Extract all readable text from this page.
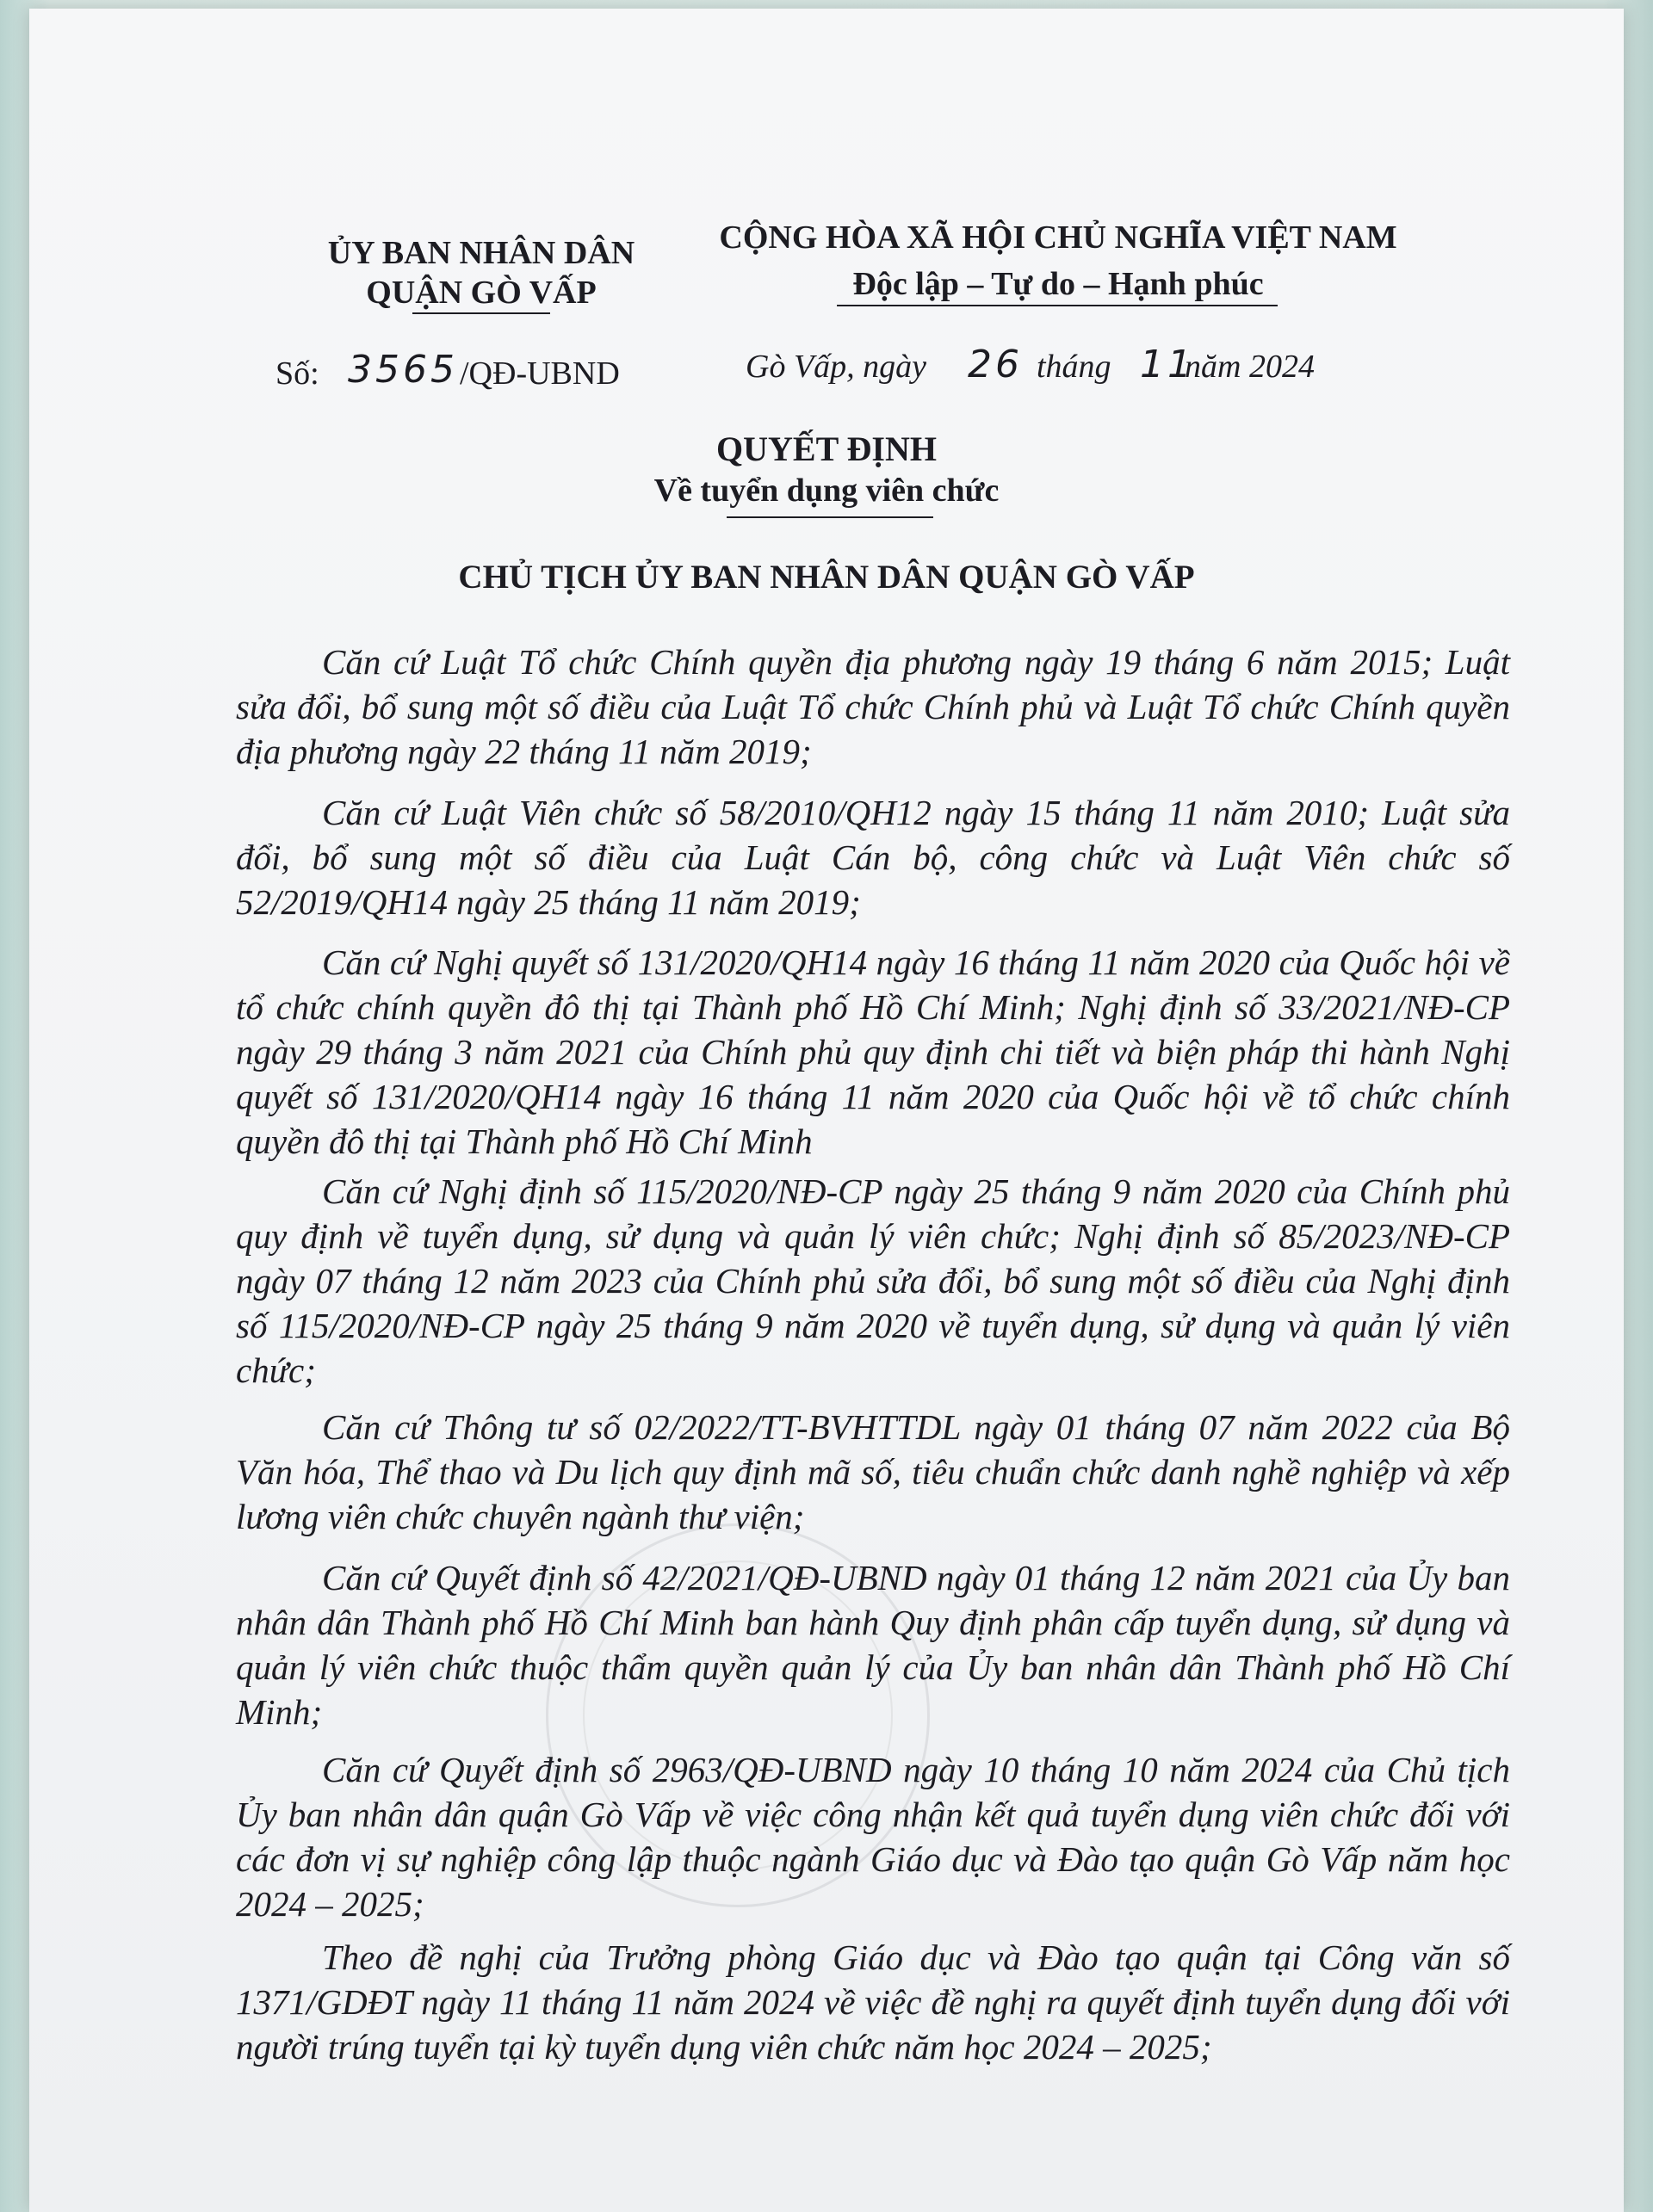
ỦY BAN NHÂN DÂN
QUẬN GÒ VẤP
CỘNG HÒA XÃ HỘI CHỦ NGHĨA VIỆT NAM
Độc lập – Tự do – Hạnh phúc
Số: 3565 /QĐ-UBND	Gò Vấp, ngày 26 tháng 11
năm 2024
QUYẾT ĐỊNH
Về tuyển dụng viên chức
CHỦ TỊCH ỦY BAN NHÂN DÂN QUẬN GÒ VẤP

Căn cứ Luật Tổ chức Chính quyền địa phương ngày 19 tháng 6 năm 2015; Luật sửa đổi, bổ sung một số điều của Luật Tổ chức Chính phủ và Luật Tổ chức Chính quyền địa phương ngày 22 tháng 11 năm 2019;

Căn cứ Luật Viên chức số 58/2010/QH12 ngày 15 tháng 11 năm 2010; Luật sửa đổi, bổ sung một số điều của Luật Cán bộ, công chức và Luật Viên chức số 52/2019/QH14 ngày 25 tháng 11 năm 2019;

Căn cứ Nghị quyết số 131/2020/QH14 ngày 16 tháng 11 năm 2020 của Quốc hội về tổ chức chính quyền đô thị tại Thành phố Hồ Chí Minh; Nghị định số 33/2021/NĐ-CP ngày 29 tháng 3 năm 2021 của Chính phủ quy định chi tiết và biện pháp thi hành Nghị quyết số 131/2020/QH14 ngày 16 tháng 11 năm 2020 của Quốc hội về tổ chức chính quyền đô thị tại Thành phố Hồ Chí Minh

Căn cứ Nghị định số 115/2020/NĐ-CP ngày 25 tháng 9 năm 2020 của Chính phủ quy định về tuyển dụng, sử dụng và quản lý viên chức; Nghị định số 85/2023/NĐ-CP ngày 07 tháng 12 năm 2023 của Chính phủ sửa đổi, bổ sung một số điều của Nghị định số 115/2020/NĐ-CP ngày 25 tháng 9 năm 2020 về tuyển dụng, sử dụng và quản lý viên chức;

Căn cứ Thông tư số 02/2022/TT-BVHTTDL ngày 01 tháng 07 năm 2022 của Bộ Văn hóa, Thể thao và Du lịch quy định mã số, tiêu chuẩn chức danh nghề nghiệp và xếp lương viên chức chuyên ngành thư viện;

Căn cứ Quyết định số 42/2021/QĐ-UBND ngày 01 tháng 12 năm 2021 của Ủy ban nhân dân Thành phố Hồ Chí Minh ban hành Quy định phân cấp tuyển dụng, sử dụng và quản lý viên chức thuộc thẩm quyền quản lý của Ủy ban nhân dân Thành phố Hồ Chí Minh;

Căn cứ Quyết định số 2963/QĐ-UBND ngày 10 tháng 10 năm 2024 của Chủ tịch Ủy ban nhân dân quận Gò Vấp về việc công nhận kết quả tuyển dụng viên chức đối với các đơn vị sự nghiệp công lập thuộc ngành Giáo dục và Đào tạo quận Gò Vấp năm học 2024 – 2025;

Theo đề nghị của Trưởng phòng Giáo dục và Đào tạo quận tại Công văn số 1371/GDĐT ngày 11 tháng 11 năm 2024 về việc đề nghị ra quyết định tuyển dụng đối với người trúng tuyển tại kỳ tuyển dụng viên chức năm học 2024 – 2025;
